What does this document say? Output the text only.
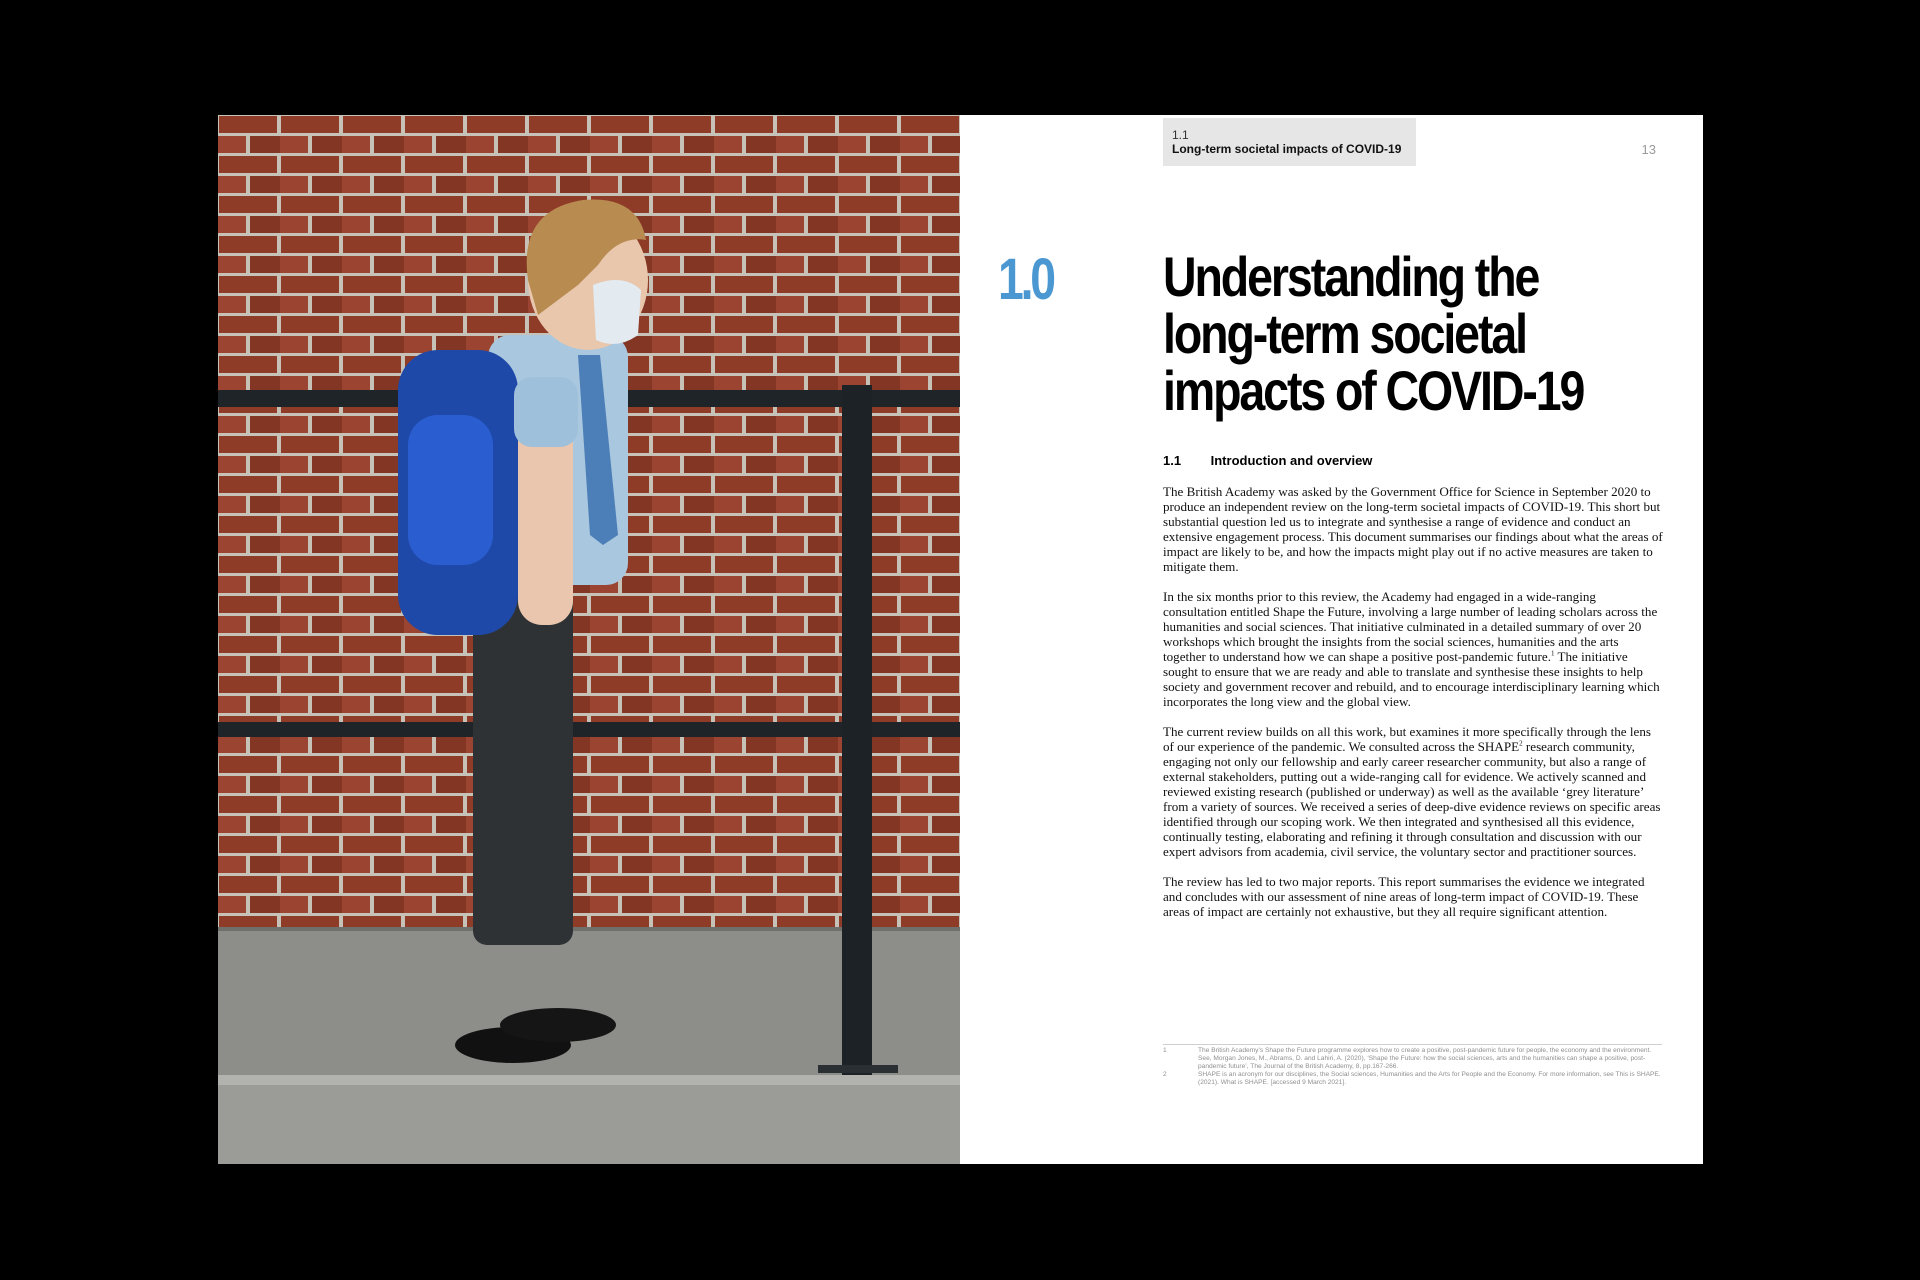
1.1
Long-term societal impacts of COVID-19	13
1.0 Understanding the
long-term societal
impacts of COVID-19
1.1 Introduction and overview

The British Academy was asked by the Government Office for Science in September 2020 to produce an independent review on the long-term societal impacts of COVID-19. This short but substantial question led us to integrate and synthesise a range of evidence and conduct an extensive engagement process. This document summarises our findings about what the areas of impact are likely to be, and how the impacts might play out if no active measures are taken to mitigate them.

In the six months prior to this review, the Academy had engaged in a wide-ranging consultation entitled Shape the Future, involving a large number of leading scholars across the humanities and social sciences. That initiative culminated in a detailed summary of over 20 workshops which brought the insights from the social sciences, humanities and the arts together to understand how we can shape a positive post-pandemic future.$^1$ The initiative sought to ensure that we are ready and able to translate and synthesise these insights to help society and government recover and rebuild, and to encourage interdisciplinary learning which incorporates the long view and the global view.

The current review builds on all this work, but examines it more specifically through the lens of our experience of the pandemic. We consulted across the SHAPE$^2$ research community, engaging not only our fellowship and early career researcher community, but also a range of external stakeholders, putting out a wide-ranging call for evidence. We actively scanned and reviewed existing research (published or underway) as well as the available ‘grey literature’ from a variety of sources. We received a series of deep-dive evidence reviews on specific areas identified through our scoping work. We then integrated and synthesised all this evidence, continually testing, elaborating and refining it through consultation and discussion with our expert advisors from academia, civil service, the voluntary sector and practitioner sources.

The review has led to two major reports. This report summarises the evidence we integrated and concludes with our assessment of nine areas of long-term impact of COVID-19. These areas of impact are certainly not exhaustive, but they all require significant attention.

1	The British Academy’s Shape the Future programme explores how to create a positive, post-pandemic future for people, the economy and the environment. See, Morgan Jones, M., Abrams, D. and Lahiri, A. (2020), ‘Shape the Future: how the social sciences, arts and the humanities can shape a positive, post-pandemic future’, The Journal of the British Academy, 8, pp.167-266.
2	SHAPE is an acronym for our disciplines, the Social sciences, Humanities and the Arts for People and the Economy. For more information, see This is SHAPE. (2021). What is SHAPE. [accessed 9 March 2021].
